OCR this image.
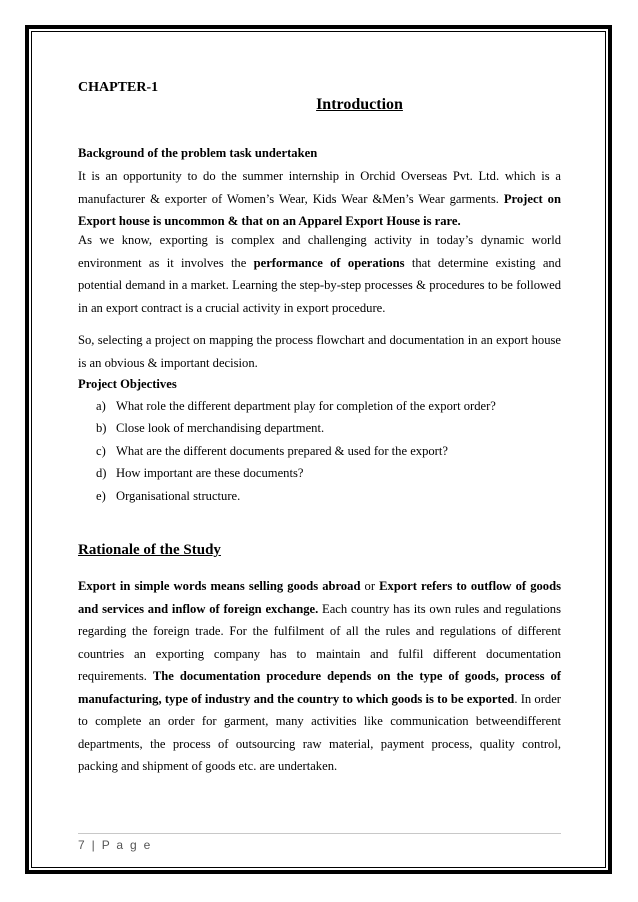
CHAPTER-1
Introduction
Background of the problem task undertaken
It is an opportunity to do the summer internship in Orchid Overseas Pvt. Ltd. which is a manufacturer & exporter of Women’s Wear, Kids Wear &Men’s Wear garments. Project on Export house is uncommon & that on an Apparel Export House is rare.
As we know, exporting is complex and challenging activity in today’s dynamic world environment as it involves the performance of operations that determine existing and potential demand in a market. Learning the step-by-step processes & procedures to be followed in an export contract is a crucial activity in export procedure.
So, selecting a project on mapping the process flowchart and documentation in an export house is an obvious & important decision.
Project Objectives
a) What role the different department play for completion of the export order?
b) Close look of merchandising department.
c) What are the different documents prepared & used for the export?
d) How important are these documents?
e) Organisational structure.
Rationale of the Study
Export in simple words means selling goods abroad or Export refers to outflow of goods and services and inflow of foreign exchange. Each country has its own rules and regulations regarding the foreign trade. For the fulfilment of all the rules and regulations of different countries an exporting company has to maintain and fulfil different documentation requirements. The documentation procedure depends on the type of goods, process of manufacturing, type of industry and the country to which goods is to be exported. In order to complete an order for garment, many activities like communication betweendifferent departments, the process of outsourcing raw material, payment process, quality control, packing and shipment of goods etc. are undertaken.
7 | P a g e
